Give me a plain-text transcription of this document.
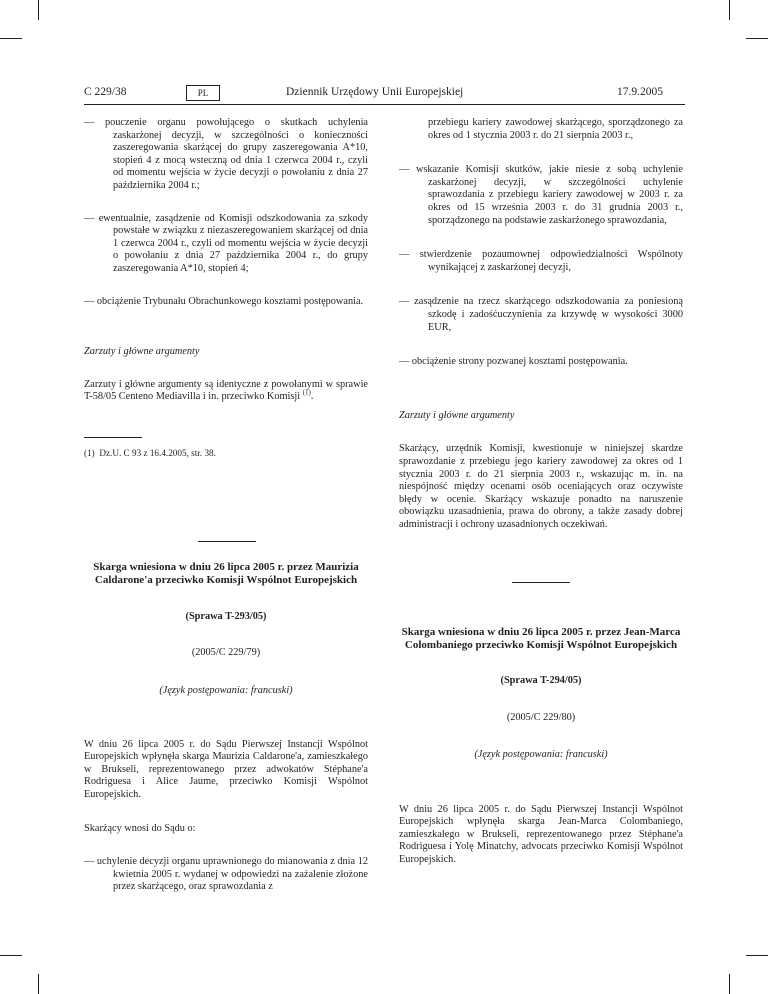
C 229/38	PL	Dziennik Urzędowy Unii Europejskiej	17.9.2005

— pouczenie organu powołującego o skutkach uchylenia zaskarżonej decyzji, w szczególności o konieczności zaszeregowania skarżącej do grupy zaszeregowania A*10, stopień 4 z mocą wsteczną od dnia 1 czerwca 2004 r., czyli od momentu wejścia w życie decyzji o powołaniu z dnia 27 października 2004 r.;

— ewentualnie, zasądzenie od Komisji odszkodowania za szkody powstałe w związku z niezaszeregowaniem skarżącej od dnia 1 czerwca 2004 r., czyli od momentu wejścia w życie decyzji o powołaniu z dnia 27 października 2004 r., do grupy zaszeregowania A*10, stopień 4;

— obciążenie Trybunału Obrachunkowego kosztami postępowania.

Zarzuty i główne argumenty

Zarzuty i główne argumenty są identyczne z powołanymi w sprawie T-58/05 Centeno Mediavilla i in. przeciwko Komisji $^{(1)}$.

(1) Dz.U. C 93 z 16.4.2005, str. 38.

Skarga wniesiona w dniu 26 lipca 2005 r. przez Maurizia Caldarone'a przeciwko Komisji Wspólnot Europejskich

(Sprawa T-293/05)

(2005/C 229/79)

(Język postępowania: francuski)

W dniu 26 lipca 2005 r. do Sądu Pierwszej Instancji Wspólnot Europejskich wpłynęła skarga Maurizia Caldarone'a, zamieszkałego w Brukseli, reprezentowanego przez adwokatów Stéphane'a Rodriguesa i Alice Jaume, przeciwko Komisji Wspólnot Europejskich.

Skarżący wnosi do Sądu o:

— uchylenie decyzji organu uprawnionego do mianowania z dnia 12 kwietnia 2005 r. wydanej w odpowiedzi na zażalenie złożone przez skarżącego, oraz sprawozdania z

przebiegu kariery zawodowej skarżącego, sporządzonego za okres od 1 stycznia 2003 r. do 21 sierpnia 2003 r.,

— wskazanie Komisji skutków, jakie niesie z sobą uchylenie zaskarżonej decyzji, w szczególności uchylenie sprawozdania z przebiegu kariery zawodowej w 2003 r. za okres od 15 września 2003 r. do 31 grudnia 2003 r., sporządzonego na podstawie zaskarżonego sprawozdania,

— stwierdzenie pozaumownej odpowiedzialności Wspólnoty wynikającej z zaskarżonej decyzji,

— zasądzenie na rzecz skarżącego odszkodowania za poniesioną szkodę i zadośćuczynienia za krzywdę w wysokości 3000 EUR,

— obciążenie strony pozwanej kosztami postępowania.

Zarzuty i główne argumenty

Skarżący, urzędnik Komisji, kwestionuje w niniejszej skardze sprawozdanie z przebiegu jego kariery zawodowej za okres od 1 stycznia 2003 r. do 21 sierpnia 2003 r., wskazując m. in. na niespójność między ocenami osób oceniających oraz oczywiste błędy w ocenie. Skarżący wskazuje ponadto na naruszenie obowiązku uzasadnienia, prawa do obrony, a także zasady dobrej administracji i ochrony uzasadnionych oczekiwań.

Skarga wniesiona w dniu 26 lipca 2005 r. przez Jean-Marca Colombaniego przeciwko Komisji Wspólnot Europejskich

(Sprawa T-294/05)

(2005/C 229/80)

(Język postępowania: francuski)

W dniu 26 lipca 2005 r. do Sądu Pierwszej Instancji Wspólnot Europejskich wpłynęła skarga Jean-Marca Colombaniego, zamieszkałego w Brukseli, reprezentowanego przez Stéphane'a Rodriguesa i Yolę Minatchy, advocats przeciwko Komisji Wspólnot Europejskich.
